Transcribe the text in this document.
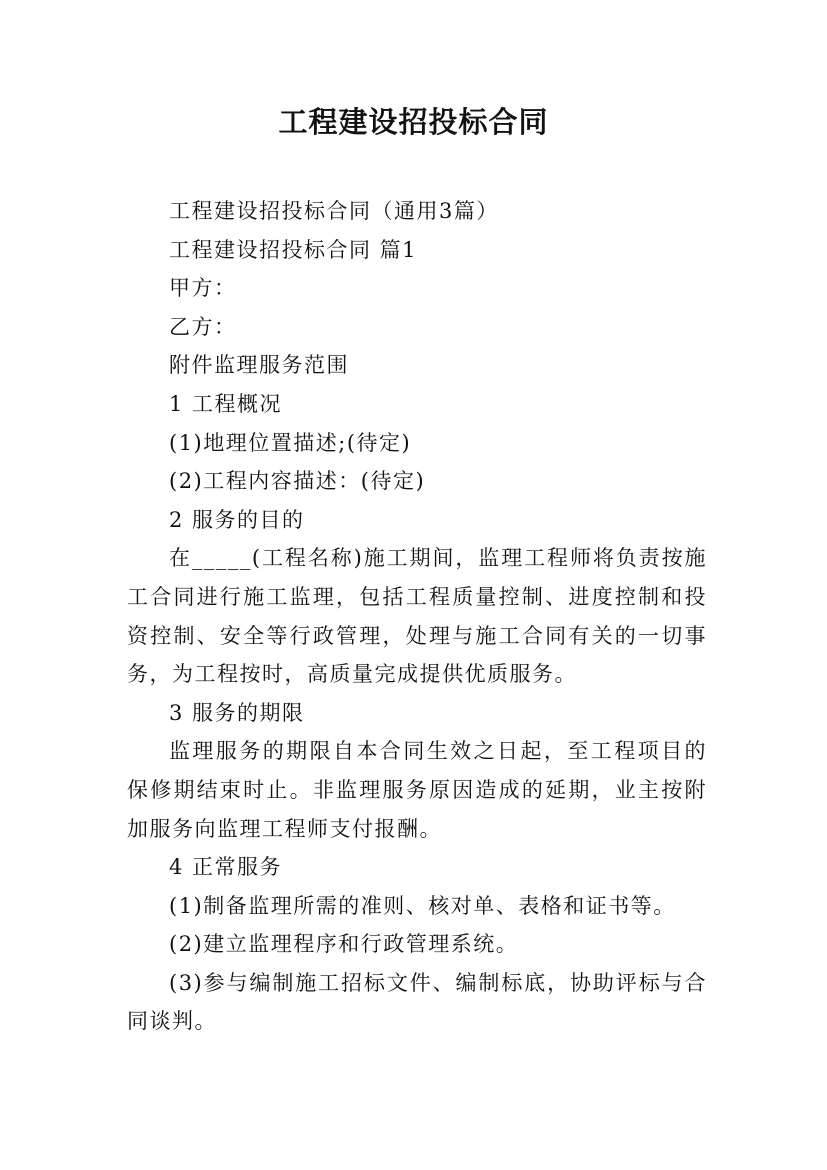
工程建设招投标合同

工程建设招投标合同（通用3篇）

工程建设招投标合同 篇1

甲方：

乙方：

附件监理服务范围

1 工程概况

(1)地理位置描述;(待定)

(2)工程内容描述：(待定)

2 服务的目的

在_____(工程名称)施工期间，监理工程师将负责按施工合同进行施工监理，包括工程质量控制、进度控制和投资控制、安全等行政管理，处理与施工合同有关的一切事务，为工程按时，高质量完成提供优质服务。

3 服务的期限

监理服务的期限自本合同生效之日起，至工程项目的保修期结束时止。非监理服务原因造成的延期，业主按附加服务向监理工程师支付报酬。

4 正常服务

(1)制备监理所需的准则、核对单、表格和证书等。

(2)建立监理程序和行政管理系统。

(3)参与编制施工招标文件、编制标底，协助评标与合同谈判。
